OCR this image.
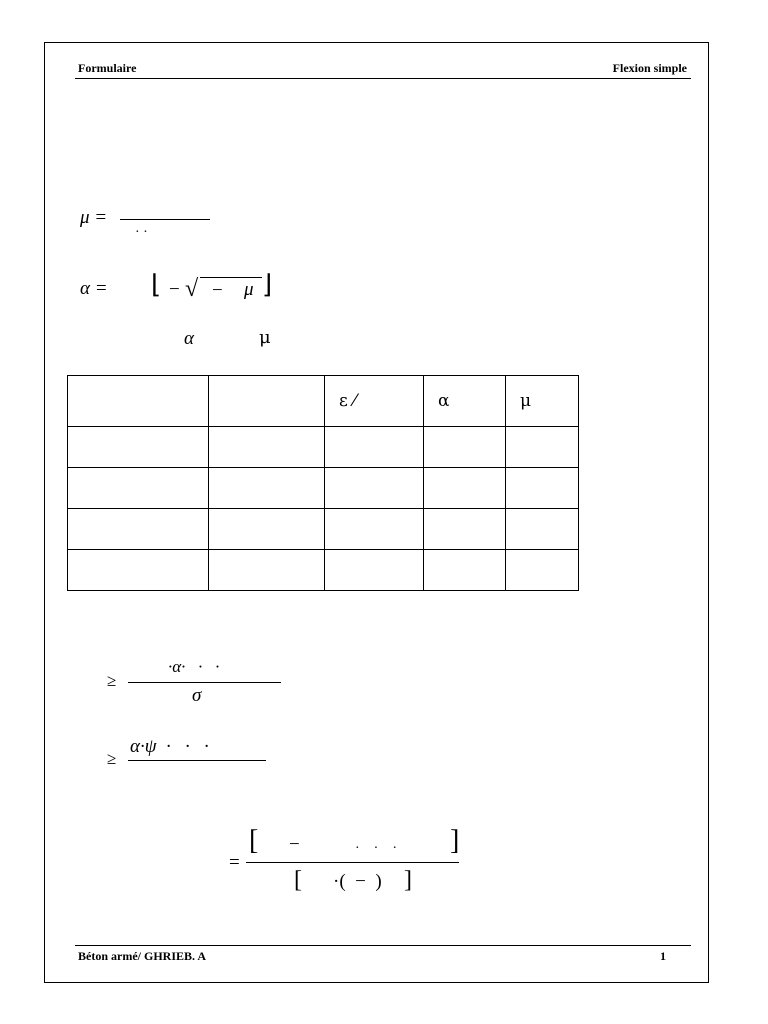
Formulaire	Flexion simple
μ =
· ·
α = ⌊ − √ − μ ⌋
α	μ
		ε ⁄	α	μ

≥
·α·   ·   ·
σ
≥
α·ψ  ·   ·   ·
=
[ −	·    ·    · ]
[ ·(  −  ) ]
Béton armé/ GHRIEB. A	1
